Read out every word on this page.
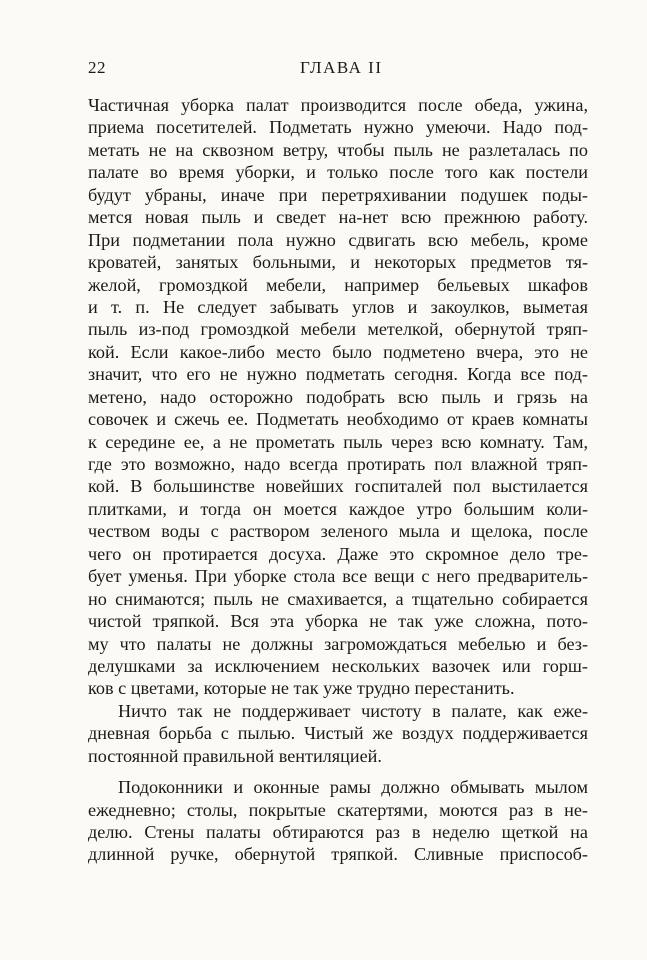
22	ГЛАВА II
Частичная уборка палат производится после обеда, ужина,
приема посетителей. Подметать нужно умеючи. Надо под-
метать не на сквозном ветру, чтобы пыль не разлеталась по
палате во время уборки, и только после того как постели
будут убраны, иначе при перетряхивании подушек поды-
мется новая пыль и сведет на-нет всю прежнюю работу.
При подметании пола нужно сдвигать всю мебель, кроме
кроватей, занятых больными, и некоторых предметов тя-
желой, громоздкой мебели, например бельевых шкафов
и т. п. Не следует забывать углов и закоулков, выметая
пыль из-под громоздкой мебели метелкой, обернутой тряп-
кой. Если какое-либо место было подметено вчера, это не
значит, что его не нужно подметать сегодня. Когда все под-
метено, надо осторожно подобрать всю пыль и грязь на
совочек и сжечь ее. Подметать необходимо от краев комнаты
к середине ее, а не прометать пыль через всю комнату. Там,
где это возможно, надо всегда протирать пол влажной тряп-
кой. В большинстве новейших госпиталей пол выстилается
плитками, и тогда он моется каждое утро большим коли-
чеством воды с раствором зеленого мыла и щелока, после
чего он протирается досуха. Даже это скромное дело тре-
бует уменья. При уборке стола все вещи с него предваритель-
но снимаются; пыль не смахивается, а тщательно собирается
чистой тряпкой. Вся эта уборка не так уже сложна, пото-
му что палаты не должны загромождаться мебелью и без-
делушками за исключением нескольких вазочек или горш-
ков с цветами, которые не так уже трудно перестанить.
Ничто так не поддерживает чистоту в палате, как еже-
дневная борьба с пылью. Чистый же воздух поддерживается
постоянной правильной вентиляцией.
Подоконники и оконные рамы должно обмывать мылом
ежедневно; столы, покрытые скатертями, моются раз в не-
делю. Стены палаты обтираются раз в неделю щеткой на
длинной ручке, обернутой тряпкой. Сливные приспособ-
